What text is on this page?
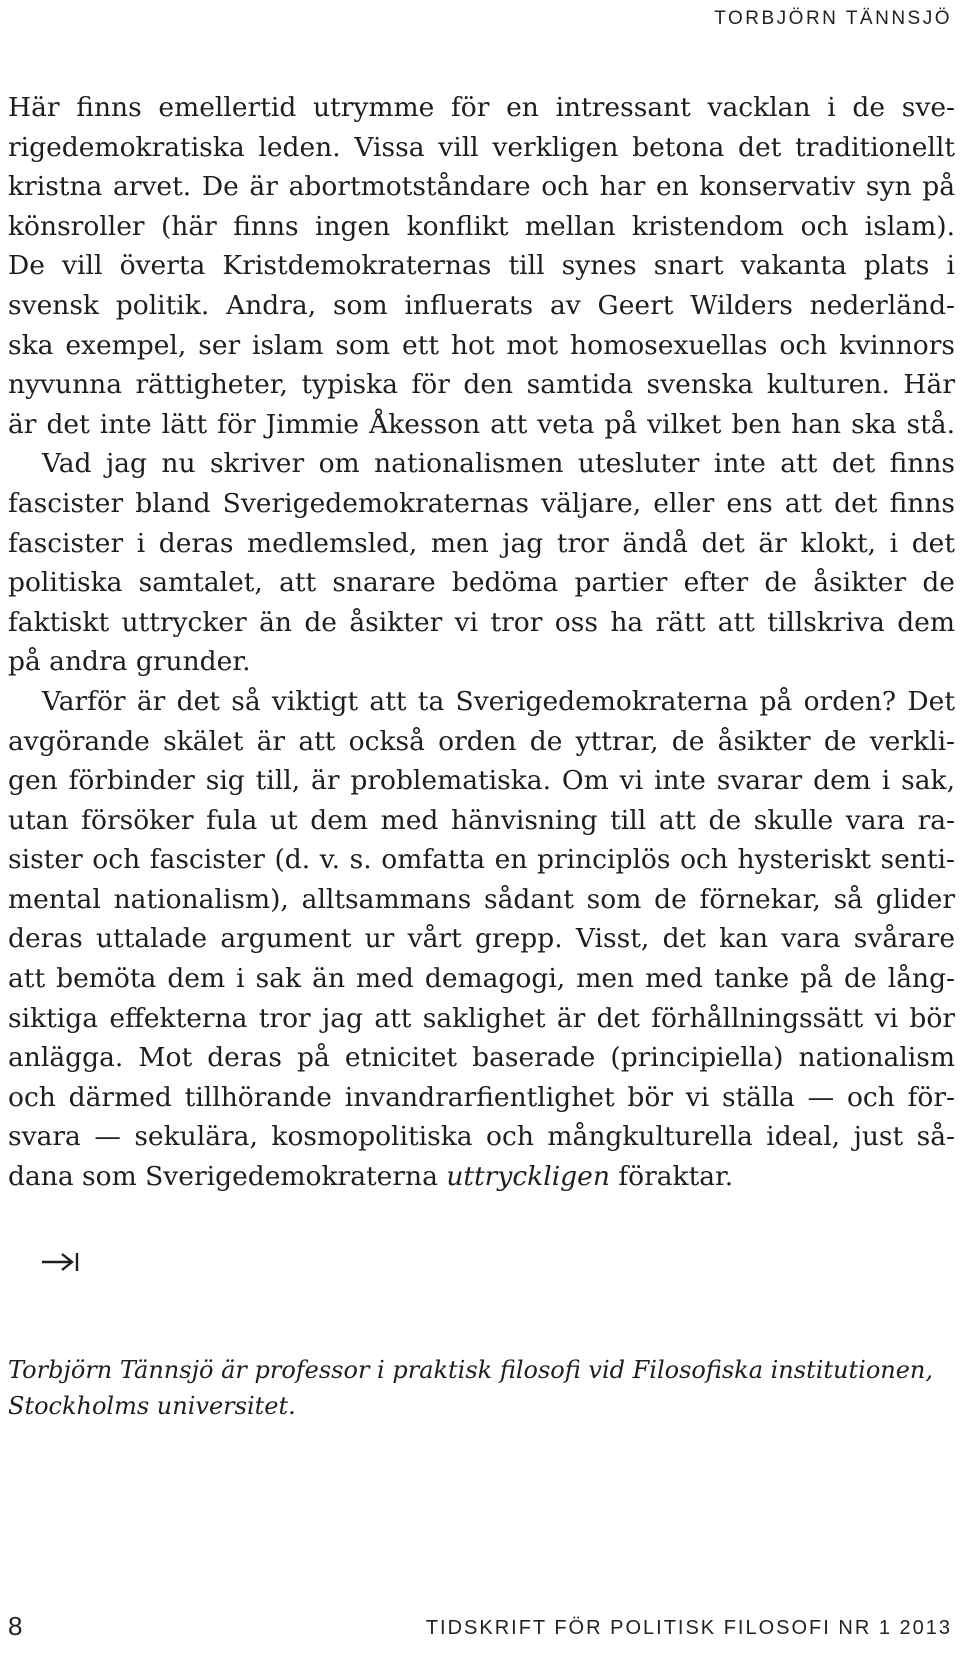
TORBJÖRN TÄNNSJÖ
Här finns emellertid utrymme för en intressant vacklan i de sve-
rigedemokratiska leden. Vissa vill verkligen betona det traditionellt
kristna arvet. De är abortmotståndare och har en konservativ syn på
könsroller (här finns ingen konflikt mellan kristendom och islam).
De vill överta Kristdemokraternas till synes snart vakanta plats i
svensk politik. Andra, som influerats av Geert Wilders nederländ-
ska exempel, ser islam som ett hot mot homosexuellas och kvinnors
nyvunna rättigheter, typiska för den samtida svenska kulturen. Här
är det inte lätt för Jimmie Åkesson att veta på vilket ben han ska stå.
Vad jag nu skriver om nationalismen utesluter inte att det finns
fascister bland Sverigedemokraternas väljare, eller ens att det finns
fascister i deras medlemsled, men jag tror ändå det är klokt, i det
politiska samtalet, att snarare bedöma partier efter de åsikter de
faktiskt uttrycker än de åsikter vi tror oss ha rätt att tillskriva dem
på andra grunder.
Varför är det så viktigt att ta Sverigedemokraterna på orden? Det
avgörande skälet är att också orden de yttrar, de åsikter de verkli-
gen förbinder sig till, är problematiska. Om vi inte svarar dem i sak,
utan försöker fula ut dem med hänvisning till att de skulle vara ra-
sister och fascister (d. v. s. omfatta en principlös och hysteriskt senti-
mental nationalism), alltsammans sådant som de förnekar, så glider
deras uttalade argument ur vårt grepp. Visst, det kan vara svårare
att bemöta dem i sak än med demagogi, men med tanke på de lång-
siktiga effekterna tror jag att saklighet är det förhållningssätt vi bör
anlägga. Mot deras på etnicitet baserade (principiella) nationalism
och därmed tillhörande invandrarfientlighet bör vi ställa — och för-
svara — sekulära, kosmopolitiska och mångkulturella ideal, just så-
dana som Sverigedemokraterna uttryckligen föraktar.
Torbjörn Tännsjö är professor i praktisk filosofi vid Filosofiska institutionen,
Stockholms universitet.
8	TIDSKRIFT FÖR POLITISK FILOSOFI NR 1 2013
